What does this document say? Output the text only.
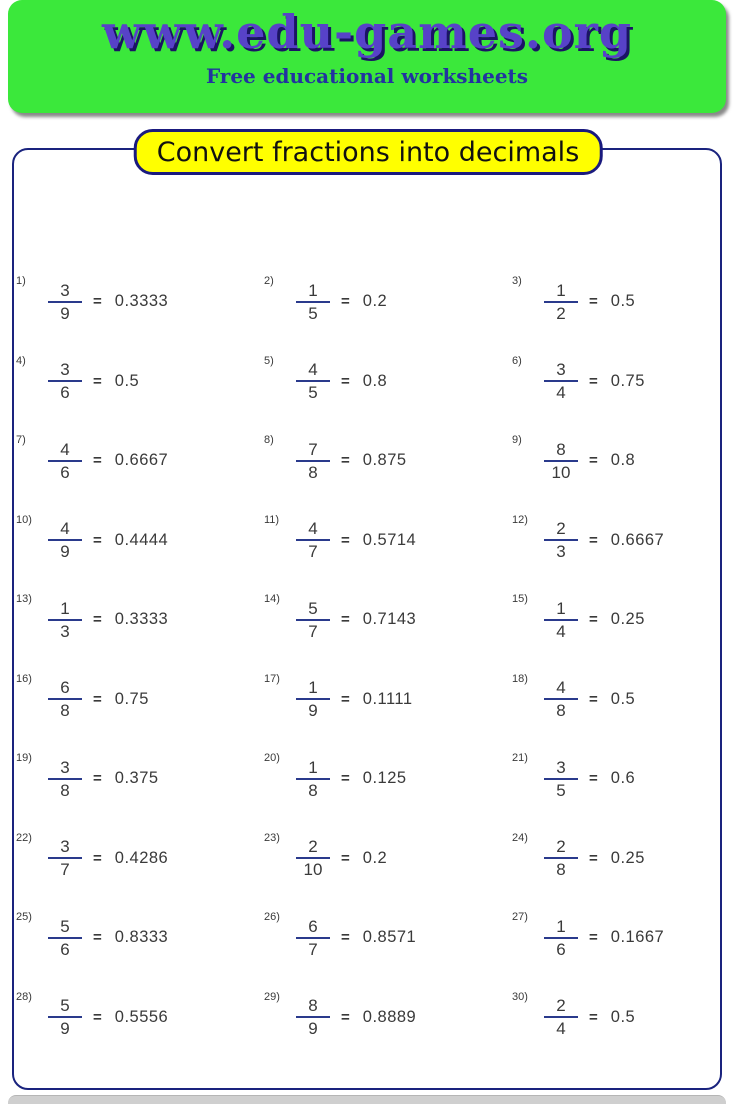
www.edu-games.org
Free educational worksheets
Convert fractions into decimals
1)	$\frac{3}{9} = 0.3333$
2)	$\frac{1}{5} = 0.2$
3)	$\frac{1}{2} = 0.5$
4)	$\frac{3}{6} = 0.5$
5)	$\frac{4}{5} = 0.8$
6)	$\frac{3}{4} = 0.75$
7)	$\frac{4}{6} = 0.6667$
8)	$\frac{7}{8} = 0.875$
9)	$\frac{8}{10} = 0.8$
$10) \frac{4}{9} = 0.4444$
$11) \frac{4}{7} = 0.5714$
$12) \frac{2}{3} = 0.6667$
$13) \frac{1}{3} = 0.3333$
$14) \frac{5}{7} = 0.7143$
$15) \frac{1}{4} = 0.25$
$16) \frac{6}{8} = 0.75$
$17) \frac{1}{9} = 0.1111$
$18) \frac{4}{8} = 0.5$
$19) \frac{3}{8} = 0.375$
$20) \frac{1}{8} = 0.125$
$21) \frac{3}{5} = 0.6$
$22) \frac{3}{7} = 0.4286$
$23) \frac{2}{10} = 0.2$
$24) \frac{2}{8} = 0.25$
$25) \frac{5}{6} = 0.8333$
$26) \frac{6}{7} = 0.8571$
$27) \frac{1}{6} = 0.1667$
$28) \frac{5}{9} = 0.5556$
$29) \frac{8}{9} = 0.8889$
$30) \frac{2}{4} = 0.5$
